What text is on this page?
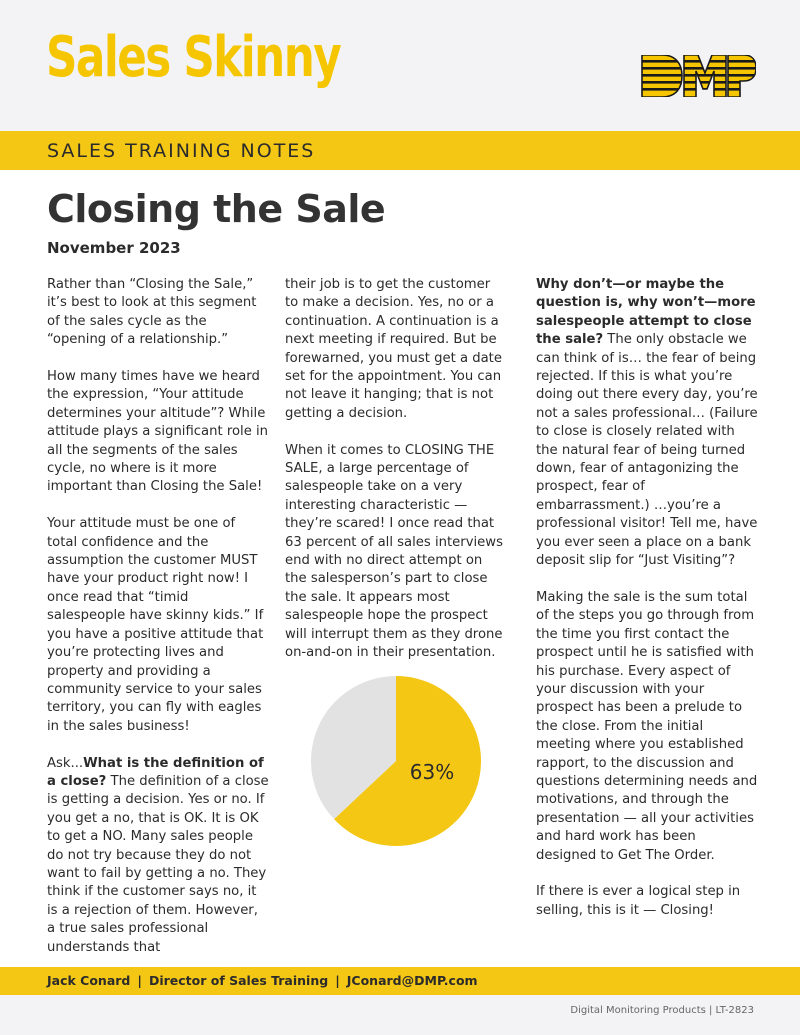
Sales Skinny
SALES TRAINING NOTES
Closing the Sale
November 2023

Rather than “Closing the Sale,” it’s best to look at this segment of the sales cycle as the “opening of a relationship.”

How many times have we heard the expression, “Your attitude determines your altitude”? While attitude plays a significant role in all the segments of the sales cycle, no where is it more important than Closing the Sale!

Your attitude must be one of total confidence and the assumption the customer MUST have your product right now! I once read that “timid salespeople have skinny kids.” If you have a positive attitude that you’re protecting lives and property and providing a community service to your sales territory, you can fly with eagles in the sales business!

Ask...What is the definition of a close? The definition of a close is getting a decision. Yes or no. If you get a no, that is OK. It is OK to get a NO. Many sales people do not try because they do not want to fail by getting a no. They think if the customer says no, it is a rejection of them. However, a true sales professional understands that

their job is to get the customer to make a decision. Yes, no or a continuation. A continuation is a next meeting if required. But be forewarned, you must get a date set for the appointment. You can not leave it hanging; that is not getting a decision.

When it comes to CLOSING THE SALE, a large percentage of salespeople take on a very interesting characteristic — they’re scared! I once read that 63 percent of all sales interviews end with no direct attempt on the salesperson’s part to close the sale. It appears most salespeople hope the prospect will interrupt them as they drone on-and-on in their presentation.

63%

Why don’t—or maybe the question is, why won’t—more salespeople attempt to close the sale? The only obstacle we can think of is… the fear of being rejected. If this is what you’re doing out there every day, you’re not a sales professional… (Failure to close is closely related with the natural fear of being turned down, fear of antagonizing the prospect, fear of embarrassment.) …you’re a professional visitor! Tell me, have you ever seen a place on a bank deposit slip for “Just Visiting”?

Making the sale is the sum total of the steps you go through from the time you first contact the prospect until he is satisfied with his purchase. Every aspect of your discussion with your prospect has been a prelude to the close. From the initial meeting where you established rapport, to the discussion and questions determining needs and motivations, and through the presentation — all your activities and hard work has been designed to Get The Order.

If there is ever a logical step in selling, this is it — Closing!

Jack Conard | Director of Sales Training | JConard@DMP.com
Digital Monitoring Products | LT-2823
